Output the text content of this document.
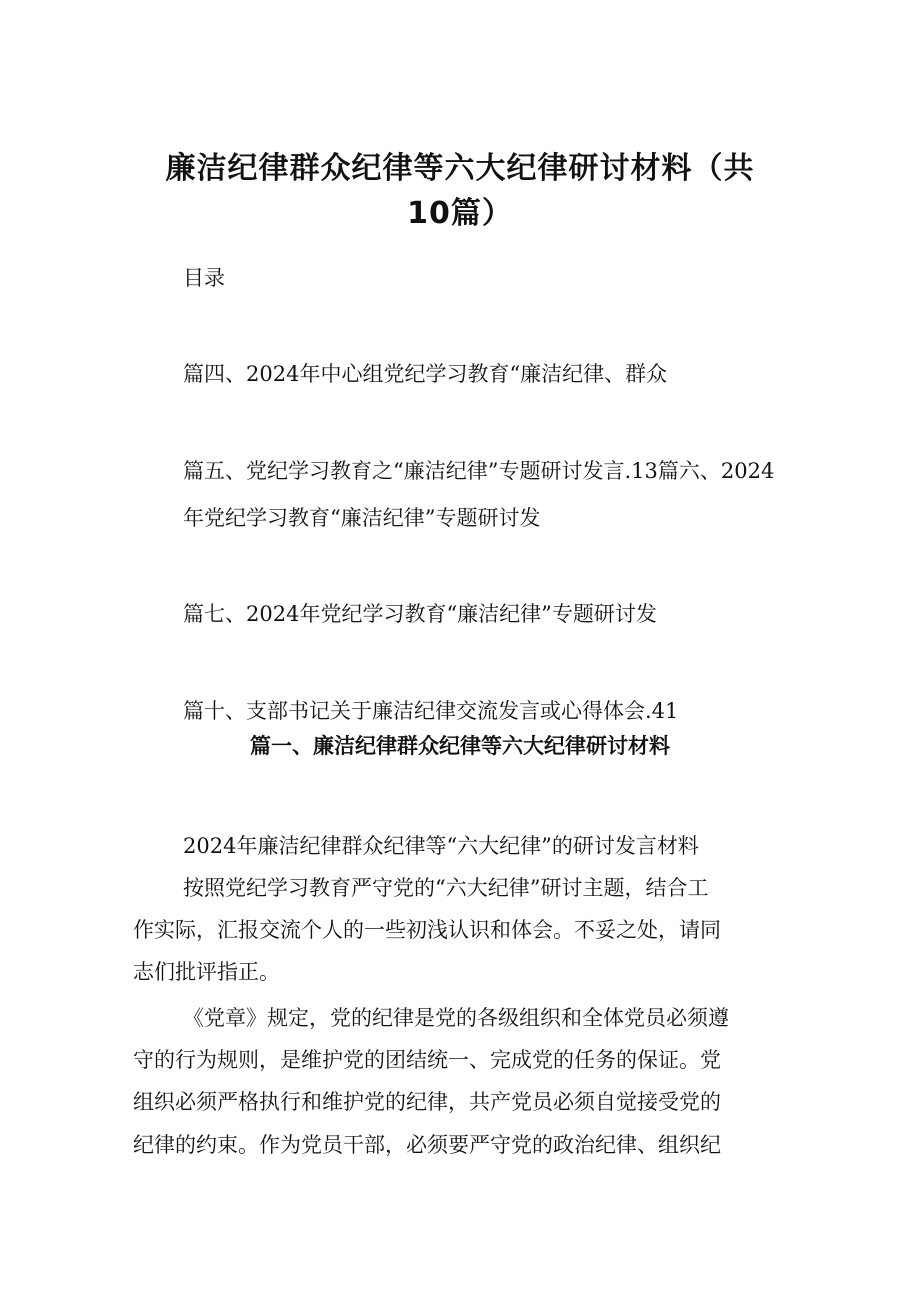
廉洁纪律群众纪律等六大纪律研讨材料（共
10篇）
目录
篇四、2024年中心组党纪学习教育“廉洁纪律、群众
篇五、党纪学习教育之“廉洁纪律”专题研讨发言.13篇六、2024
年党纪学习教育“廉洁纪律”专题研讨发
篇七、2024年党纪学习教育“廉洁纪律”专题研讨发
篇十、支部书记关于廉洁纪律交流发言或心得体会.41
篇一、廉洁纪律群众纪律等六大纪律研讨材料
2024年廉洁纪律群众纪律等“六大纪律”的研讨发言材料
按照党纪学习教育严守党的“六大纪律”研讨主题，结合工
作实际，汇报交流个人的一些初浅认识和体会。不妥之处，请同
志们批评指正。
《党章》规定，党的纪律是党的各级组织和全体党员必须遵
守的行为规则，是维护党的团结统一、完成党的任务的保证。党
组织必须严格执行和维护党的纪律，共产党员必须自觉接受党的
纪律的约束。作为党员干部，必须要严守党的政治纪律、组织纪
